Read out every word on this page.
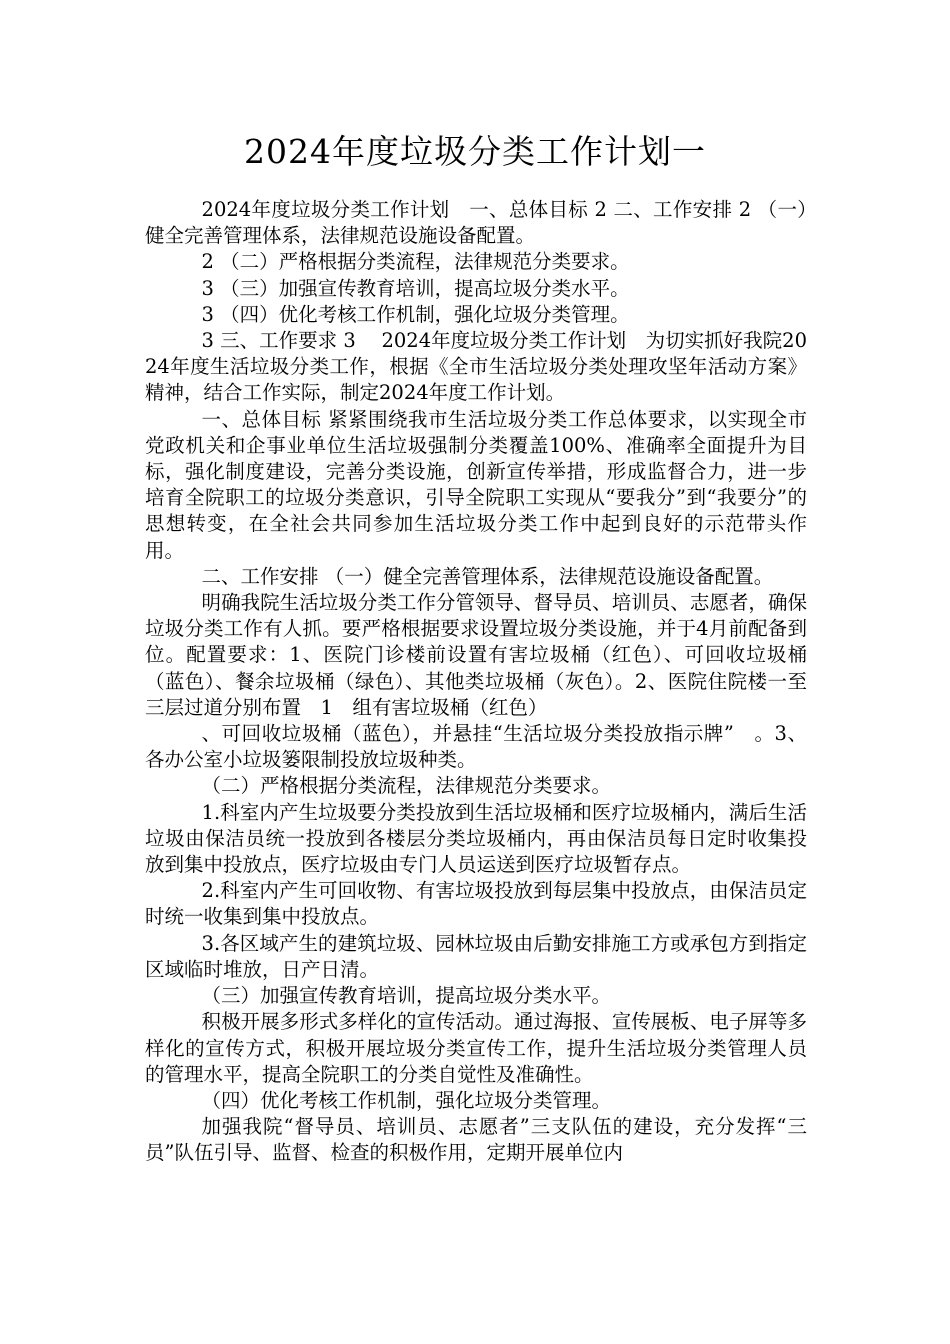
2024年度垃圾分类工作计划一

2024年度垃圾分类工作计划　一、总体目标 2 二、工作安排 2 （一）健全完善管理体系，法律规范设施设备配置。

2 （二）严格根据分类流程，法律规范分类要求。

3 （三）加强宣传教育培训，提高垃圾分类水平。

3 （四）优化考核工作机制，强化垃圾分类管理。

3 三、工作要求 3　 2024年度垃圾分类工作计划　为切实抓好我院2024年度生活垃圾分类工作，根据《全市生活垃圾分类处理攻坚年活动方案》精神，结合工作实际，制定2024年度工作计划。

一、总体目标 紧紧围绕我市生活垃圾分类工作总体要求，以实现全市党政机关和企事业单位生活垃圾强制分类覆盖100%、准确率全面提升为目标，强化制度建设，完善分类设施，创新宣传举措，形成监督合力，进一步培育全院职工的垃圾分类意识，引导全院职工实现从“要我分”到“我要分”的思想转变，在全社会共同参加生活垃圾分类工作中起到良好的示范带头作用。

二、工作安排 （一）健全完善管理体系，法律规范设施设备配置。

明确我院生活垃圾分类工作分管领导、督导员、培训员、志愿者，确保垃圾分类工作有人抓。要严格根据要求设置垃圾分类设施，并于4月前配备到位。配置要求：1、医院门诊楼前设置有害垃圾桶（红色）、可回收垃圾桶（蓝色）、餐余垃圾桶（绿色）、其他类垃圾桶（灰色）。2、医院住院楼一至三层过道分别布置　1　组有害垃圾桶（红色）

、可回收垃圾桶（蓝色），并悬挂“生活垃圾分类投放指示牌”　。3、各办公室小垃圾篓限制投放垃圾种类。

（二）严格根据分类流程，法律规范分类要求。

1.科室内产生垃圾要分类投放到生活垃圾桶和医疗垃圾桶内，满后生活垃圾由保洁员统一投放到各楼层分类垃圾桶内，再由保洁员每日定时收集投放到集中投放点，医疗垃圾由专门人员运送到医疗垃圾暂存点。

2.科室内产生可回收物、有害垃圾投放到每层集中投放点，由保洁员定时统一收集到集中投放点。

3.各区域产生的建筑垃圾、园林垃圾由后勤安排施工方或承包方到指定区域临时堆放，日产日清。

（三）加强宣传教育培训，提高垃圾分类水平。

积极开展多形式多样化的宣传活动。通过海报、宣传展板、电子屏等多样化的宣传方式，积极开展垃圾分类宣传工作，提升生活垃圾分类管理人员的管理水平，提高全院职工的分类自觉性及准确性。

（四）优化考核工作机制，强化垃圾分类管理。

加强我院“督导员、培训员、志愿者”三支队伍的建设，充分发挥“三员”队伍引导、监督、检查的积极作用，定期开展单位内
